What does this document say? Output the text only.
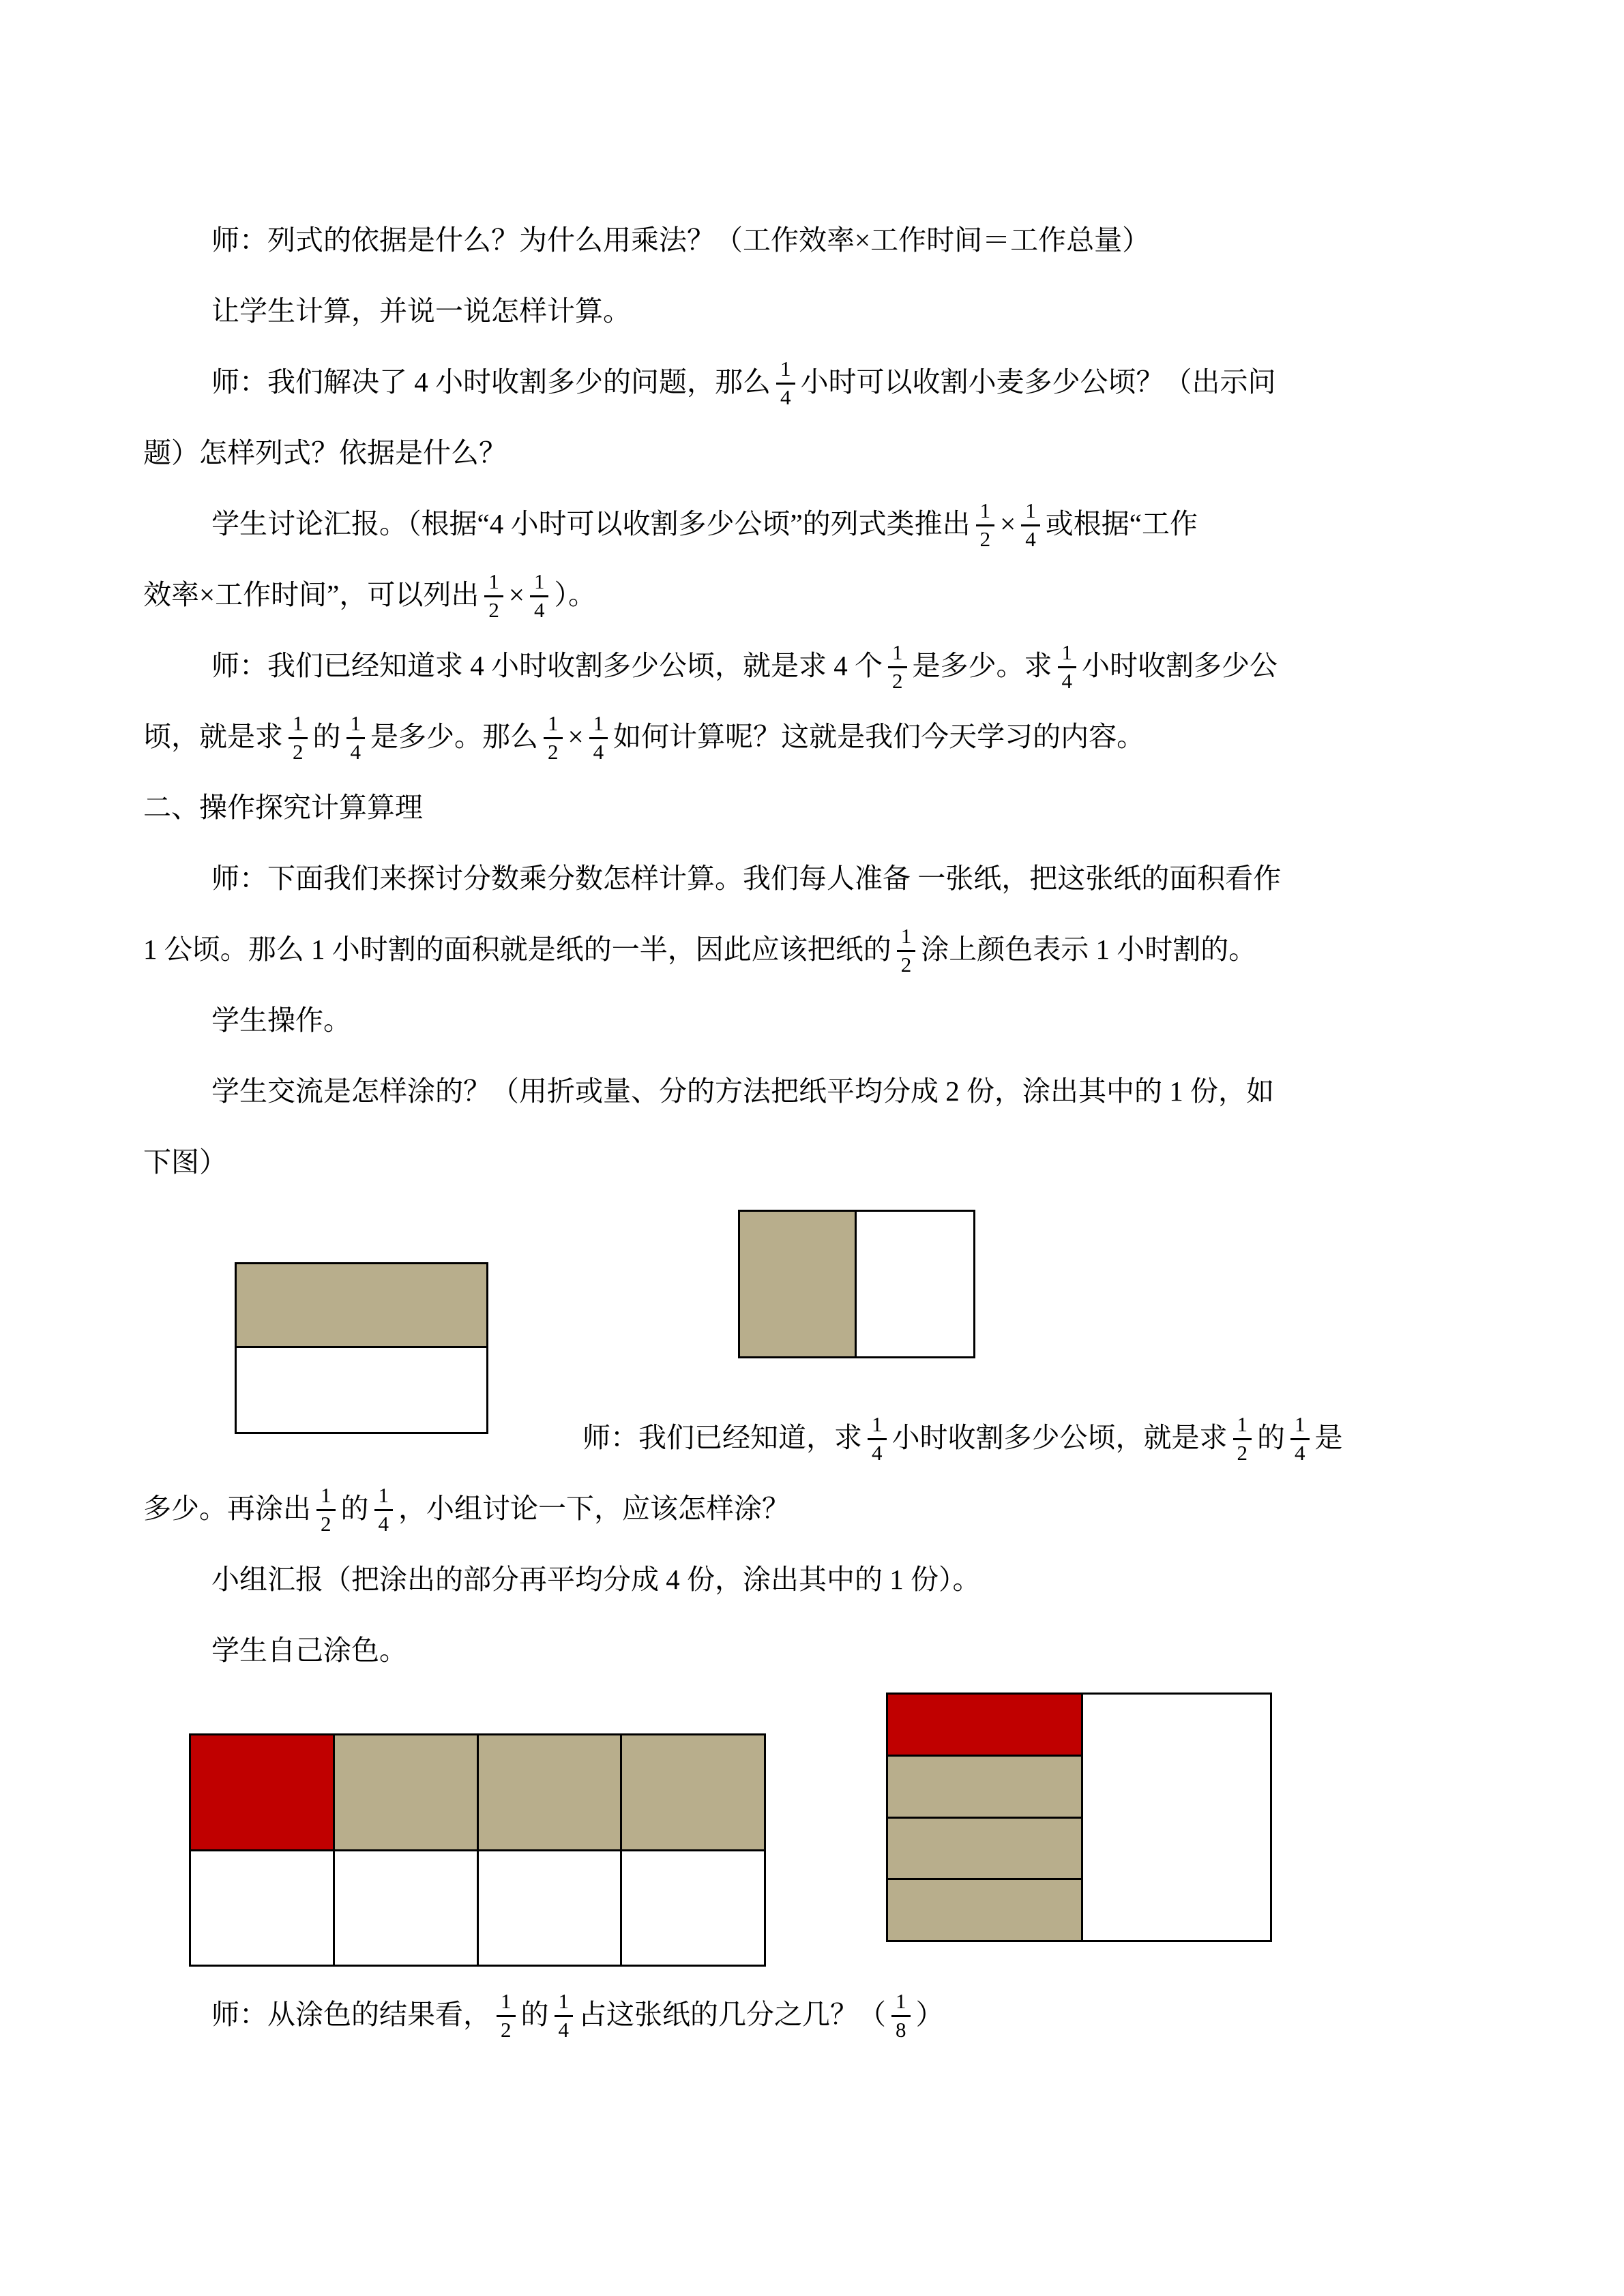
师：列式的依据是什么？为什么用乘法？（工作效率×工作时间＝工作总量）
让学生计算，并说一说怎样计算。
师：我们解决了 4 小时收割多少的问题，那么 $\frac{1}{4}$ 小时可以收割小麦多少公顷？（出示问
题）怎样列式？依据是什么？
学生讨论汇报。（根据“4 小时可以收割多少公顷”的列式类推出 $\frac{1}{2} \times \frac{1}{4}$ 或根据“工作
效率×工作时间”，可以列出 $\frac{1}{2} \times \frac{1}{4}$ ）。
师：我们已经知道求 4 小时收割多少公顷，就是求 4 个 $\frac{1}{2}$ 是多少。求 $\frac{1}{4}$ 小时收割多少公
顷，就是求 $\frac{1}{2}$ 的 $\frac{1}{4}$ 是多少。那么 $\frac{1}{2} \times \frac{1}{4}$ 如何计算呢？这就是我们今天学习的内容。
二、操作探究计算算理
师：下面我们来探讨分数乘分数怎样计算。我们每人准备 一张纸，把这张纸的面积看作
1 公顷。那么 1 小时割的面积就是纸的一半，因此应该把纸的 $\frac{1}{2}$ 涂上颜色表示 1 小时割的。
学生操作。
学生交流是怎样涂的？（用折或量、分的方法把纸平均分成 2 份，涂出其中的 1 份，如
下图）
师：我们已经知道，求 $\frac{1}{4}$ 小时收割多少公顷，就是求 $\frac{1}{2}$ 的 $\frac{1}{4}$ 是
多少。再涂出 $\frac{1}{2}$ 的 $\frac{1}{4}$ ，小组讨论一下，应该怎样涂？
小组汇报（把涂出的部分再平均分成 4 份，涂出其中的 1 份）。
学生自己涂色。
师：从涂色的结果看， $\frac{1}{2}$ 的 $\frac{1}{4}$ 占这张纸的几分之几？（ $\frac{1}{8}$ ）
